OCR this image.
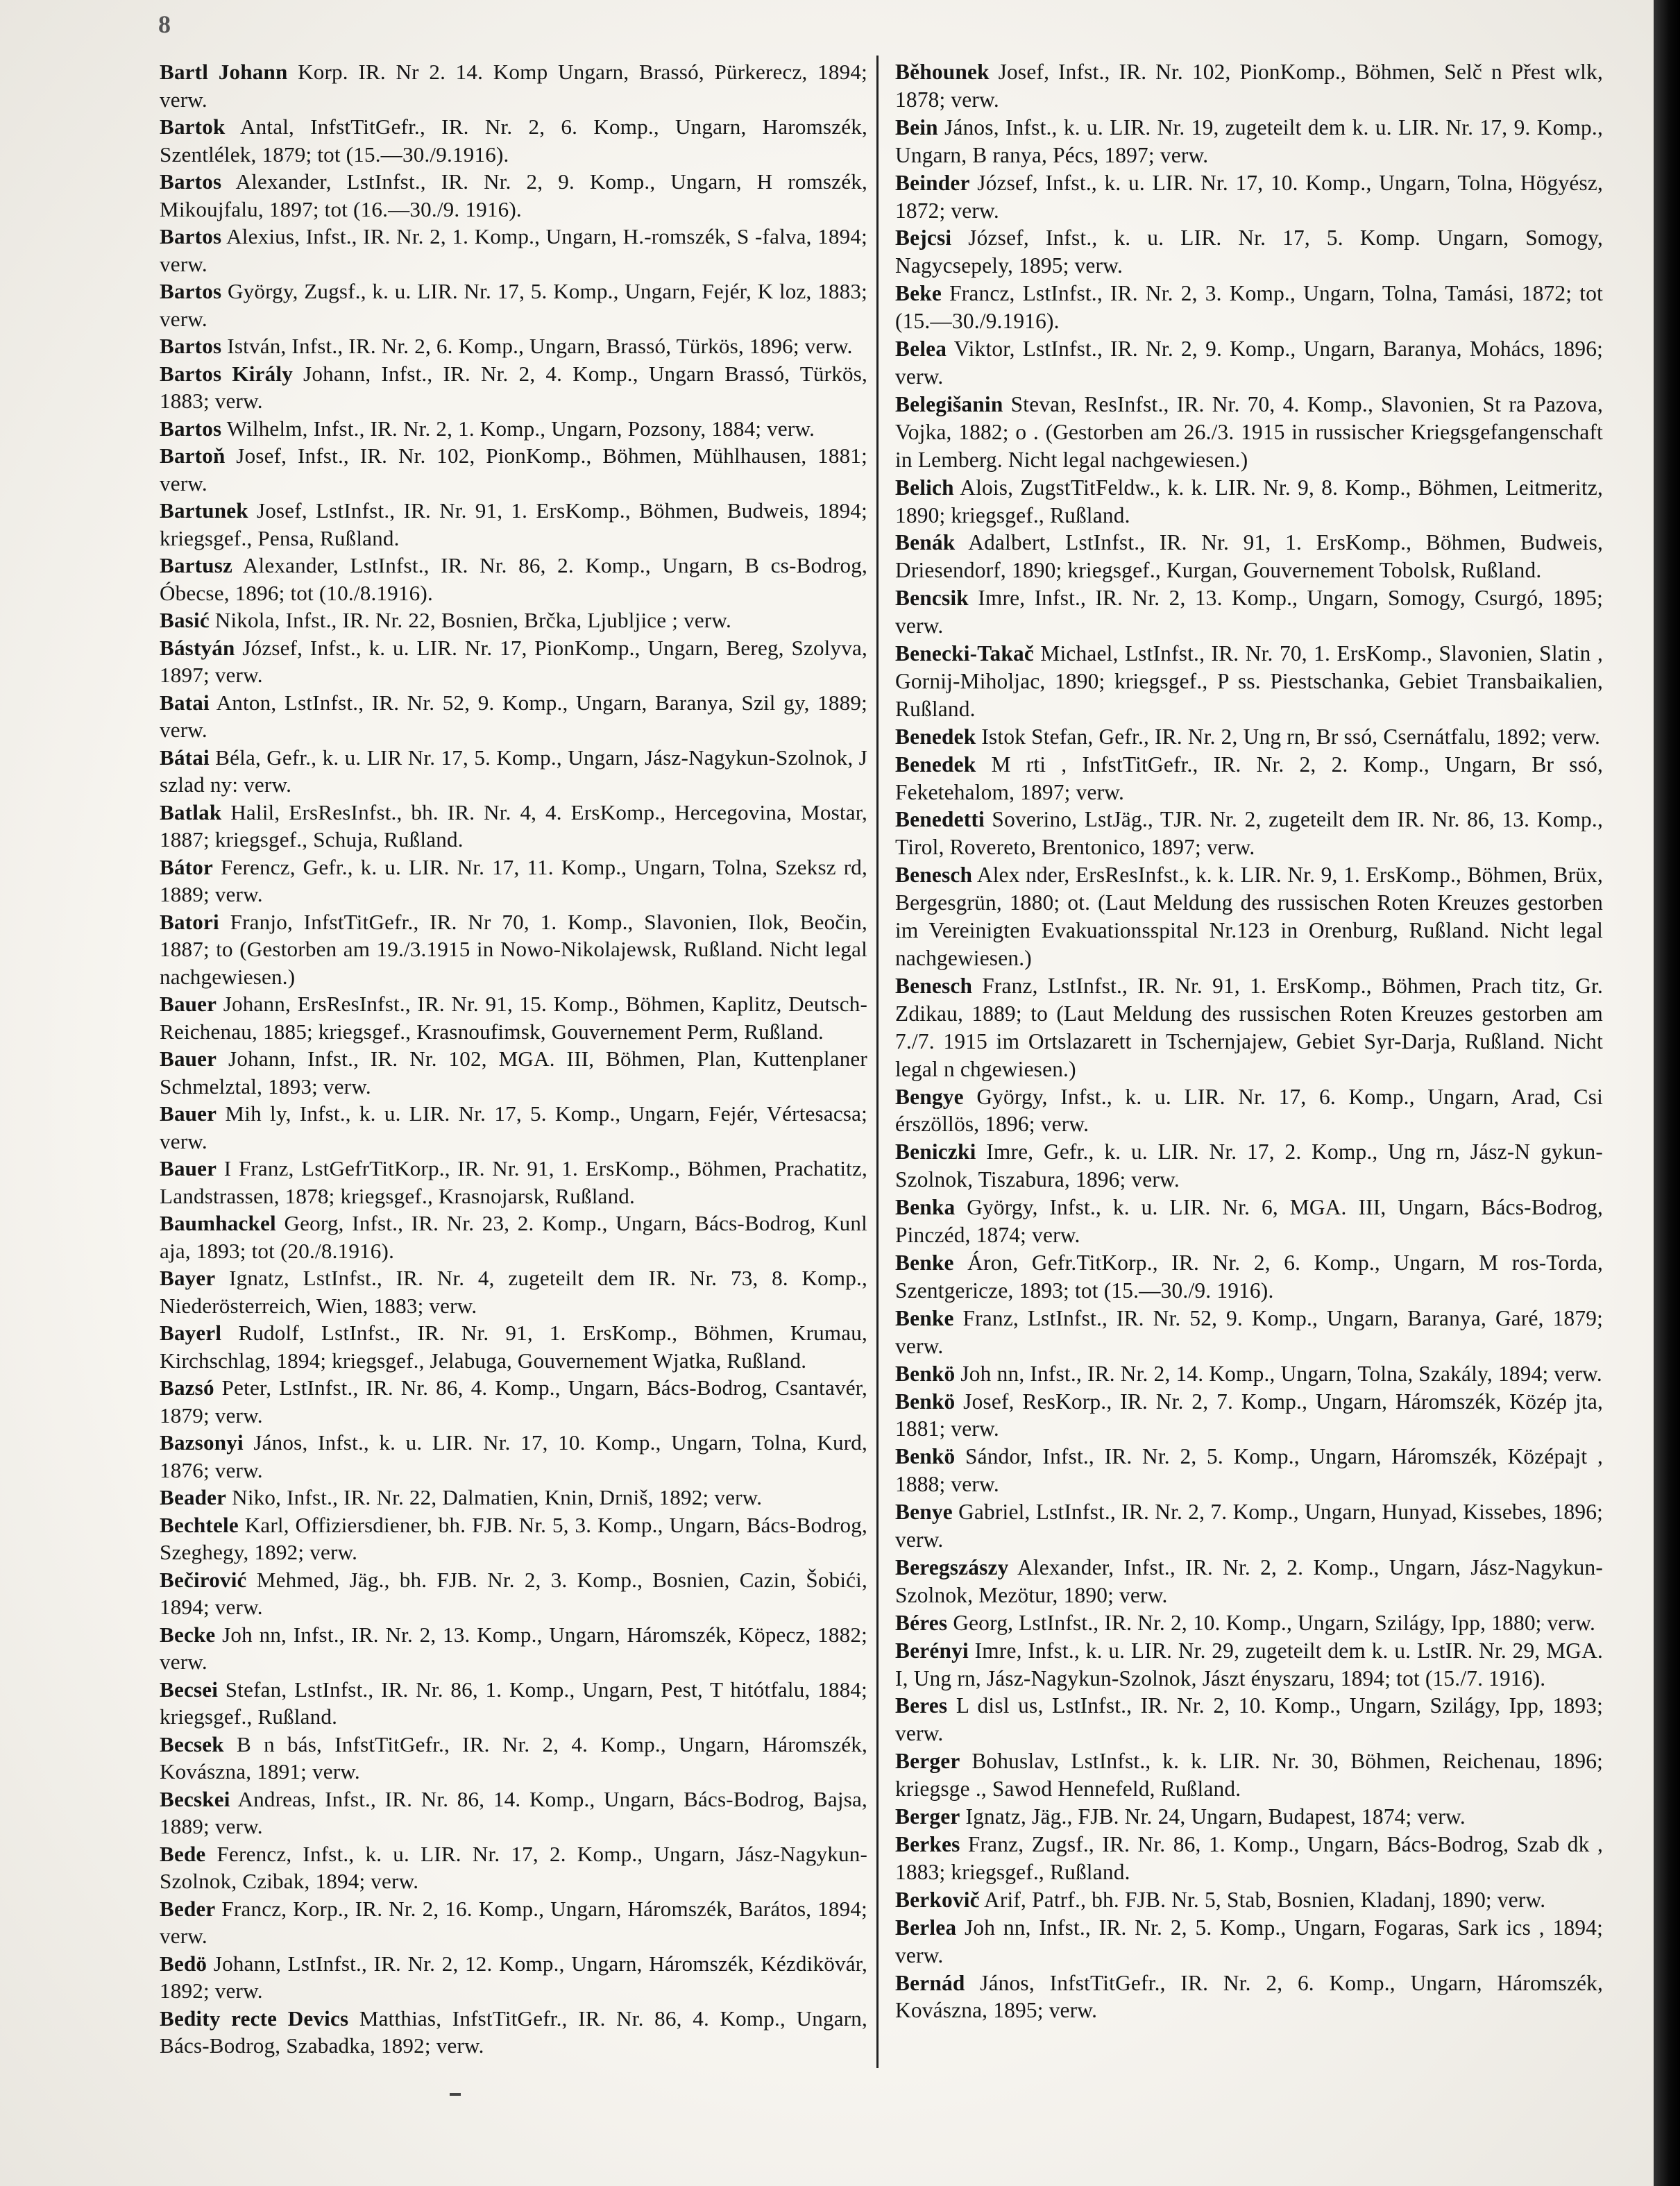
8

Bartl Johann Korp. IR. Nr 2. 14. Komp Ungarn, Brassó, Pürkerecz, 1894; verw.

Bartok Antal, InfstTitGefr., IR. Nr. 2, 6. Komp., Ungarn, Haromszék, Szentlélek, 1879; tot (15.—30./9.1916).

Bartos Alexander, LstInfst., IR. Nr. 2, 9. Komp., Ungarn, H romszék, Mikoujfalu, 1897; tot (16.—30./9. 1916).

Bartos Alexius, Infst., IR. Nr. 2, 1. Komp., Ungarn, H.-romszék, S -falva, 1894; verw.

Bartos György, Zugsf., k. u. LIR. Nr. 17, 5. Komp., Ungarn, Fejér, K loz, 1883; verw.

Bartos István, Infst., IR. Nr. 2, 6. Komp., Ungarn, Brassó, Türkös, 1896; verw.

Bartos Király Johann, Infst., IR. Nr. 2, 4. Komp., Ungarn Brassó, Türkös, 1883; verw.

Bartos Wilhelm, Infst., IR. Nr. 2, 1. Komp., Ungarn, Pozsony, 1884; verw.

Bartoň Josef, Infst., IR. Nr. 102, PionKomp., Böhmen, Mühlhausen, 1881; verw.

Bartunek Josef, LstInfst., IR. Nr. 91, 1. ErsKomp., Böhmen, Budweis, 1894; kriegsgef., Pensa, Rußland.

Bartusz Alexander, LstInfst., IR. Nr. 86, 2. Komp., Ungarn, B cs-Bodrog, Óbecse, 1896; tot (10./8.1916).

Basić Nikola, Infst., IR. Nr. 22, Bosnien, Brčka, Ljubljice ; verw.

Bástyán József, Infst., k. u. LIR. Nr. 17, PionKomp., Ungarn, Bereg, Szolyva, 1897; verw.

Batai Anton, LstInfst., IR. Nr. 52, 9. Komp., Ungarn, Baranya, Szil gy, 1889; verw.

Bátai Béla, Gefr., k. u. LIR Nr. 17, 5. Komp., Ungarn, Jász-Nagykun-Szolnok, J szlad ny: verw.

Batlak Halil, ErsResInfst., bh. IR. Nr. 4, 4. ErsKomp., Hercegovina, Mostar, 1887; kriegsgef., Schuja, Rußland.

Bátor Ferencz, Gefr., k. u. LIR. Nr. 17, 11. Komp., Ungarn, Tolna, Szeksz rd, 1889; verw.

Batori Franjo, InfstTitGefr., IR. Nr 70, 1. Komp., Slavonien, Ilok, Beočin, 1887; to (Gestorben am 19./3.1915 in Nowo-Nikolajewsk, Rußland. Nicht legal nachgewiesen.)

Bauer Johann, ErsResInfst., IR. Nr. 91, 15. Komp., Böhmen, Kaplitz, Deutsch-Reichenau, 1885; kriegsgef., Krasnoufimsk, Gouvernement Perm, Rußland.

Bauer Johann, Infst., IR. Nr. 102, MGA. III, Böhmen, Plan, Kuttenplaner Schmelztal, 1893; verw.

Bauer Mih ly, Infst., k. u. LIR. Nr. 17, 5. Komp., Ungarn, Fejér, Vértesacsa; verw.

Bauer I Franz, LstGefrTitKorp., IR. Nr. 91, 1. ErsKomp., Böhmen, Prachatitz, Landstrassen, 1878; kriegsgef., Krasnojarsk, Rußland.

Baumhackel Georg, Infst., IR. Nr. 23, 2. Komp., Ungarn, Bács-Bodrog, Kunl aja, 1893; tot (20./8.1916).

Bayer Ignatz, LstInfst., IR. Nr. 4, zugeteilt dem IR. Nr. 73, 8. Komp., Niederösterreich, Wien, 1883; verw.

Bayerl Rudolf, LstInfst., IR. Nr. 91, 1. ErsKomp., Böhmen, Krumau, Kirchschlag, 1894; kriegsgef., Jelabuga, Gouvernement Wjatka, Rußland.

Bazsó Peter, LstInfst., IR. Nr. 86, 4. Komp., Ungarn, Bács-Bodrog, Csantavér, 1879; verw.

Bazsonyi János, Infst., k. u. LIR. Nr. 17, 10. Komp., Ungarn, Tolna, Kurd, 1876; verw.

Beader Niko, Infst., IR. Nr. 22, Dalmatien, Knin, Drniš, 1892; verw.

Bechtele Karl, Offiziersdiener, bh. FJB. Nr. 5, 3. Komp., Ungarn, Bács-Bodrog, Szeghegy, 1892; verw.

Bečirović Mehmed, Jäg., bh. FJB. Nr. 2, 3. Komp., Bosnien, Cazin, Šobići, 1894; verw.

Becke Joh nn, Infst., IR. Nr. 2, 13. Komp., Ungarn, Háromszék, Köpecz, 1882; verw.

Becsei Stefan, LstInfst., IR. Nr. 86, 1. Komp., Ungarn, Pest, T hitótfalu, 1884; kriegsgef., Rußland.

Becsek B n bás, InfstTitGefr., IR. Nr. 2, 4. Komp., Ungarn, Háromszék, Kovászna, 1891; verw.

Becskei Andreas, Infst., IR. Nr. 86, 14. Komp., Ungarn, Bács-Bodrog, Bajsa, 1889; verw.

Bede Ferencz, Infst., k. u. LIR. Nr. 17, 2. Komp., Ungarn, Jász-Nagykun-Szolnok, Czibak, 1894; verw.

Beder Francz, Korp., IR. Nr. 2, 16. Komp., Ungarn, Háromszék, Barátos, 1894; verw.

Bedö Johann, LstInfst., IR. Nr. 2, 12. Komp., Ungarn, Háromszék, Kézdikövár, 1892; verw.

Bedity recte Devics Matthias, InfstTitGefr., IR. Nr. 86, 4. Komp., Ungarn, Bács-Bodrog, Szabadka, 1892; verw.

Běhounek Josef, Infst., IR. Nr. 102, PionKomp., Böhmen, Selč n Přest wlk, 1878; verw.

Bein János, Infst., k. u. LIR. Nr. 19, zugeteilt dem k. u. LIR. Nr. 17, 9. Komp., Ungarn, B ranya, Pécs, 1897; verw.

Beinder József, Infst., k. u. LIR. Nr. 17, 10. Komp., Ungarn, Tolna, Högyész, 1872; verw.

Bejcsi József, Infst., k. u. LIR. Nr. 17, 5. Komp. Ungarn, Somogy, Nagycsepely, 1895; verw.

Beke Francz, LstInfst., IR. Nr. 2, 3. Komp., Ungarn, Tolna, Tamási, 1872; tot (15.—30./9.1916).

Belea Viktor, LstInfst., IR. Nr. 2, 9. Komp., Ungarn, Baranya, Mohács, 1896; verw.

Belegišanin Stevan, ResInfst., IR. Nr. 70, 4. Komp., Slavonien, St ra Pazova, Vojka, 1882; o . (Gestorben am 26./3. 1915 in russischer Kriegsgefangenschaft in Lemberg. Nicht legal nachgewiesen.)

Belich Alois, ZugstTitFeldw., k. k. LIR. Nr. 9, 8. Komp., Böhmen, Leitmeritz, 1890; kriegsgef., Rußland.

Benák Adalbert, LstInfst., IR. Nr. 91, 1. ErsKomp., Böhmen, Budweis, Driesendorf, 1890; kriegsgef., Kurgan, Gouvernement Tobolsk, Rußland.

Bencsik Imre, Infst., IR. Nr. 2, 13. Komp., Ungarn, Somogy, Csurgó, 1895; verw.

Benecki-Takač Michael, LstInfst., IR. Nr. 70, 1. ErsKomp., Slavonien, Slatin , Gornij-Miholjac, 1890; kriegsgef., P ss. Piestschanka, Gebiet Transbaikalien, Rußland.

Benedek Istok Stefan, Gefr., IR. Nr. 2, Ung rn, Br ssó, Csernátfalu, 1892; verw.

Benedek M rti , InfstTitGefr., IR. Nr. 2, 2. Komp., Ungarn, Br ssó, Feketehalom, 1897; verw.

Benedetti Soverino, LstJäg., TJR. Nr. 2, zugeteilt dem IR. Nr. 86, 13. Komp., Tirol, Rovereto, Brentonico, 1897; verw.

Benesch Alex nder, ErsResInfst., k. k. LIR. Nr. 9, 1. ErsKomp., Böhmen, Brüx, Bergesgrün, 1880; ot. (Laut Meldung des russischen Roten Kreuzes gestorben im Vereinigten Evakuationsspital Nr.123 in Orenburg, Rußland. Nicht legal nachgewiesen.)

Benesch Franz, LstInfst., IR. Nr. 91, 1. ErsKomp., Böhmen, Prach titz, Gr. Zdikau, 1889; to (Laut Meldung des russischen Roten Kreuzes gestorben am 7./7. 1915 im Ortslazarett in Tschernjajew, Gebiet Syr-Darja, Rußland. Nicht legal n chgewiesen.)

Bengye György, Infst., k. u. LIR. Nr. 17, 6. Komp., Ungarn, Arad, Csi érszöllös, 1896; verw.

Beniczki Imre, Gefr., k. u. LIR. Nr. 17, 2. Komp., Ung rn, Jász-N gykun-Szolnok, Tiszabura, 1896; verw.

Benka György, Infst., k. u. LIR. Nr. 6, MGA. III, Ungarn, Bács-Bodrog, Pinczéd, 1874; verw.

Benke Áron, Gefr.TitKorp., IR. Nr. 2, 6. Komp., Ungarn, M ros-Torda, Szentgericze, 1893; tot (15.—30./9. 1916).

Benke Franz, LstInfst., IR. Nr. 52, 9. Komp., Ungarn, Baranya, Garé, 1879; verw.

Benkö Joh nn, Infst., IR. Nr. 2, 14. Komp., Ungarn, Tolna, Szakály, 1894; verw.

Benkö Josef, ResKorp., IR. Nr. 2, 7. Komp., Ungarn, Háromszék, Közép jta, 1881; verw.

Benkö Sándor, Infst., IR. Nr. 2, 5. Komp., Ungarn, Háromszék, Középajt , 1888; verw.

Benye Gabriel, LstInfst., IR. Nr. 2, 7. Komp., Ungarn, Hunyad, Kissebes, 1896; verw.

Beregszászy Alexander, Infst., IR. Nr. 2, 2. Komp., Ungarn, Jász-Nagykun-Szolnok, Mezötur, 1890; verw.

Béres Georg, LstInfst., IR. Nr. 2, 10. Komp., Ungarn, Szilágy, Ipp, 1880; verw.

Berényi Imre, Infst., k. u. LIR. Nr. 29, zugeteilt dem k. u. LstIR. Nr. 29, MGA. I, Ung rn, Jász-Nagykun-Szolnok, Jászt ényszaru, 1894; tot (15./7. 1916).

Beres L disl us, LstInfst., IR. Nr. 2, 10. Komp., Ungarn, Szilágy, Ipp, 1893; verw.

Berger Bohuslav, LstInfst., k. k. LIR. Nr. 30, Böhmen, Reichenau, 1896; kriegsge ., Sawod Hennefeld, Rußland.

Berger Ignatz, Jäg., FJB. Nr. 24, Ungarn, Budapest, 1874; verw.

Berkes Franz, Zugsf., IR. Nr. 86, 1. Komp., Ungarn, Bács-Bodrog, Szab dk , 1883; kriegsgef., Rußland.

Berkovič Arif, Patrf., bh. FJB. Nr. 5, Stab, Bosnien, Kladanj, 1890; verw.

Berlea Joh nn, Infst., IR. Nr. 2, 5. Komp., Ungarn, Fogaras, Sark ics , 1894; verw.

Bernád János, InfstTitGefr., IR. Nr. 2, 6. Komp., Ungarn, Háromszék, Kovászna, 1895; verw.
